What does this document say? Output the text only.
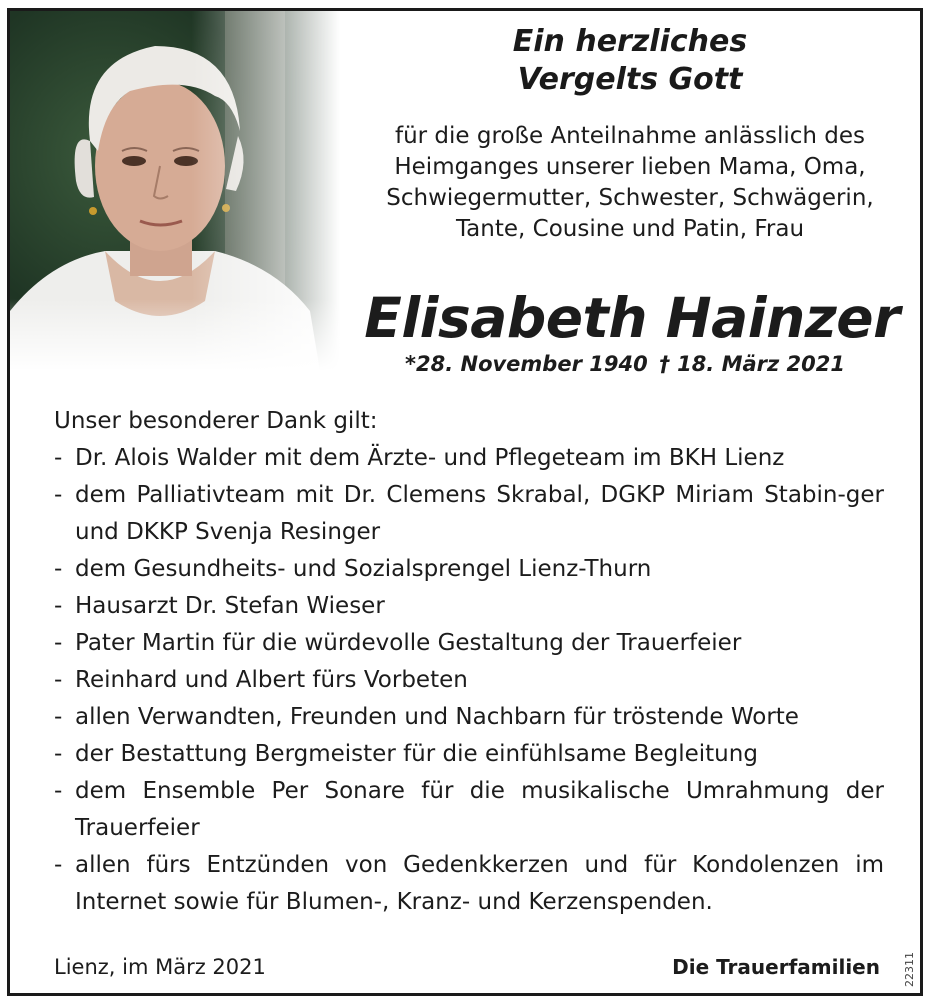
Ein herzliches
Vergelts Gott
für die große Anteilnahme anlässlich des
Heimganges unserer lieben Mama, Oma,
Schwiegermutter, Schwester, Schwägerin,
Tante, Cousine und Patin, Frau
Elisabeth Hainzer
*28. November 1940 † 18. März 2021
Unser besonderer Dank gilt:
- Dr. Alois Walder mit dem Ärzte- und Pflegeteam im BKH Lienz
- dem Palliativteam mit Dr. Clemens Skrabal, DGKP Miriam Stabin-ger und DKKP Svenja Resinger
- dem Gesundheits- und Sozialsprengel Lienz-Thurn
- Hausarzt Dr. Stefan Wieser
- Pater Martin für die würdevolle Gestaltung der Trauerfeier
- Reinhard und Albert fürs Vorbeten
- allen Verwandten, Freunden und Nachbarn für tröstende Worte
- der Bestattung Bergmeister für die einfühlsame Begleitung
- dem Ensemble Per Sonare für die musikalische Umrahmung der Trauerfeier
- allen fürs Entzünden von Gedenkkerzen und für Kondolenzen im Internet sowie für Blumen-, Kranz- und Kerzenspenden.
Lienz, im März 2021	Die Trauerfamilien 22311
